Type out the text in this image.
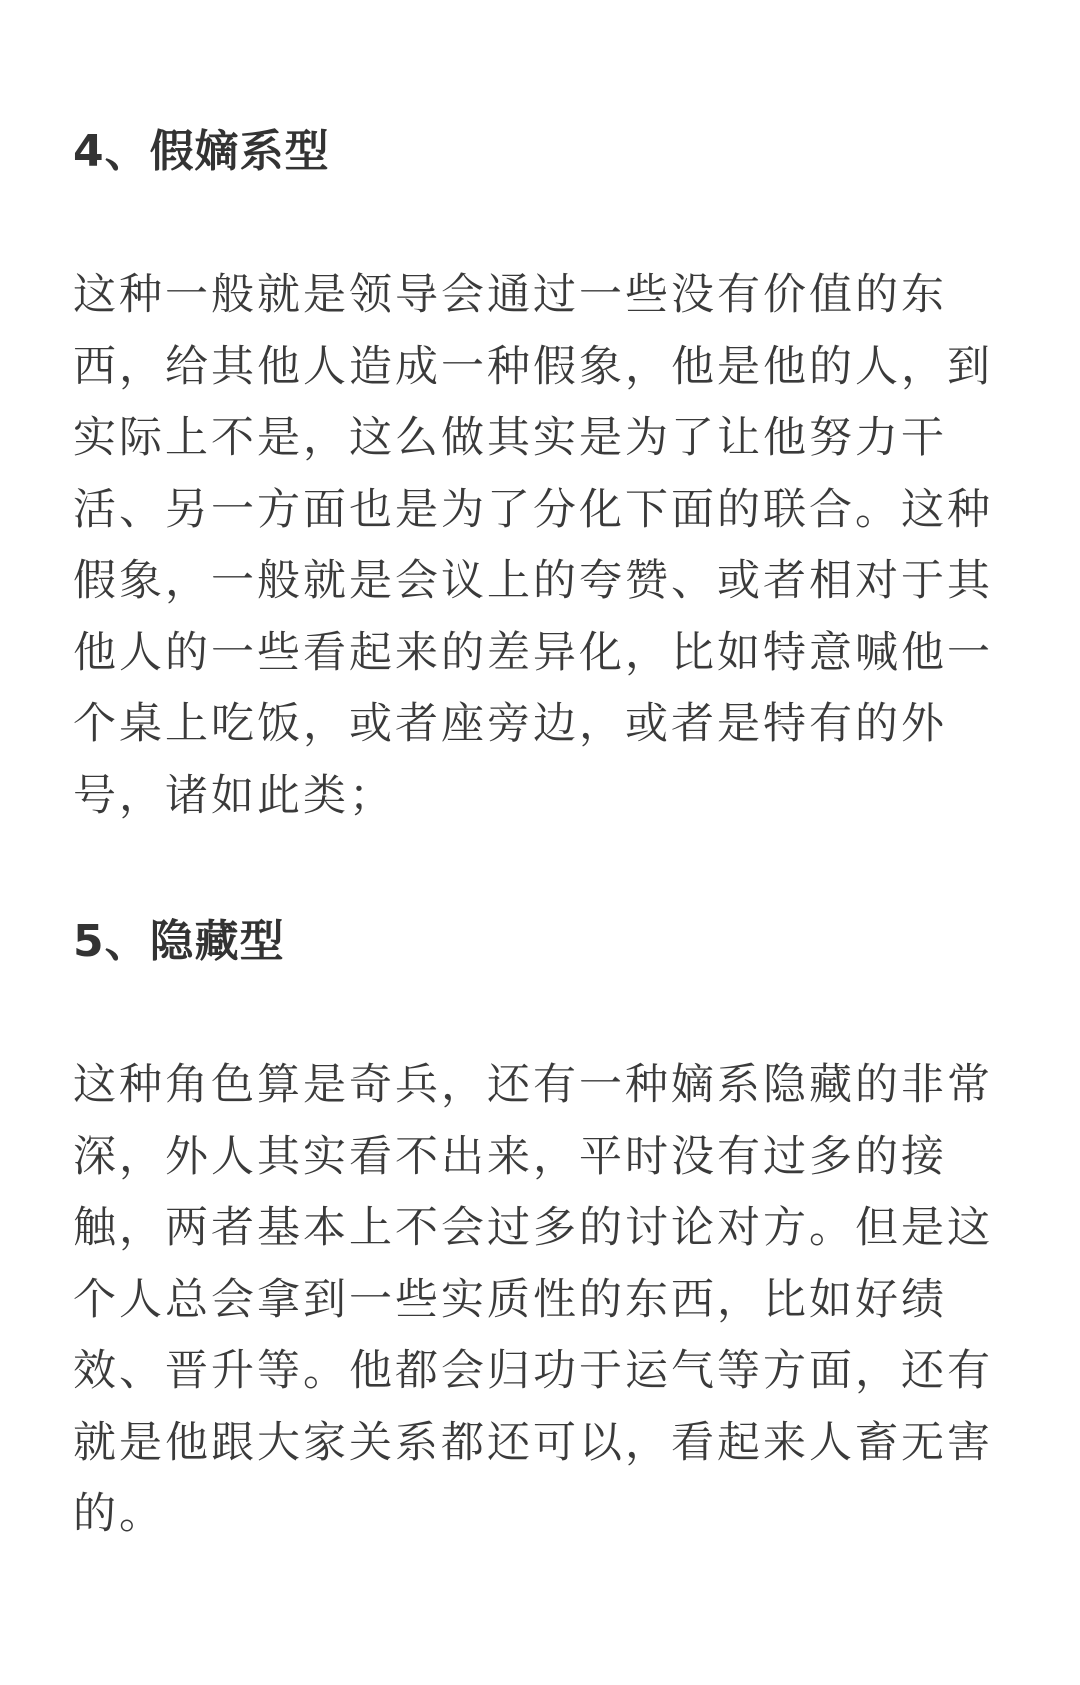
4、假嫡系型

这种一般就是领导会通过一些没有价值的东
西，给其他人造成一种假象，他是他的人，到
实际上不是，这么做其实是为了让他努力干
活、另一方面也是为了分化下面的联合。这种
假象，一般就是会议上的夸赞、或者相对于其
他人的一些看起来的差异化，比如特意喊他一
个桌上吃饭，或者座旁边，或者是特有的外
号，诸如此类；

5、隐藏型

这种角色算是奇兵，还有一种嫡系隐藏的非常
深，外人其实看不出来，平时没有过多的接
触，两者基本上不会过多的讨论对方。但是这
个人总会拿到一些实质性的东西，比如好绩
效、晋升等。他都会归功于运气等方面，还有
就是他跟大家关系都还可以，看起来人畜无害
的。
